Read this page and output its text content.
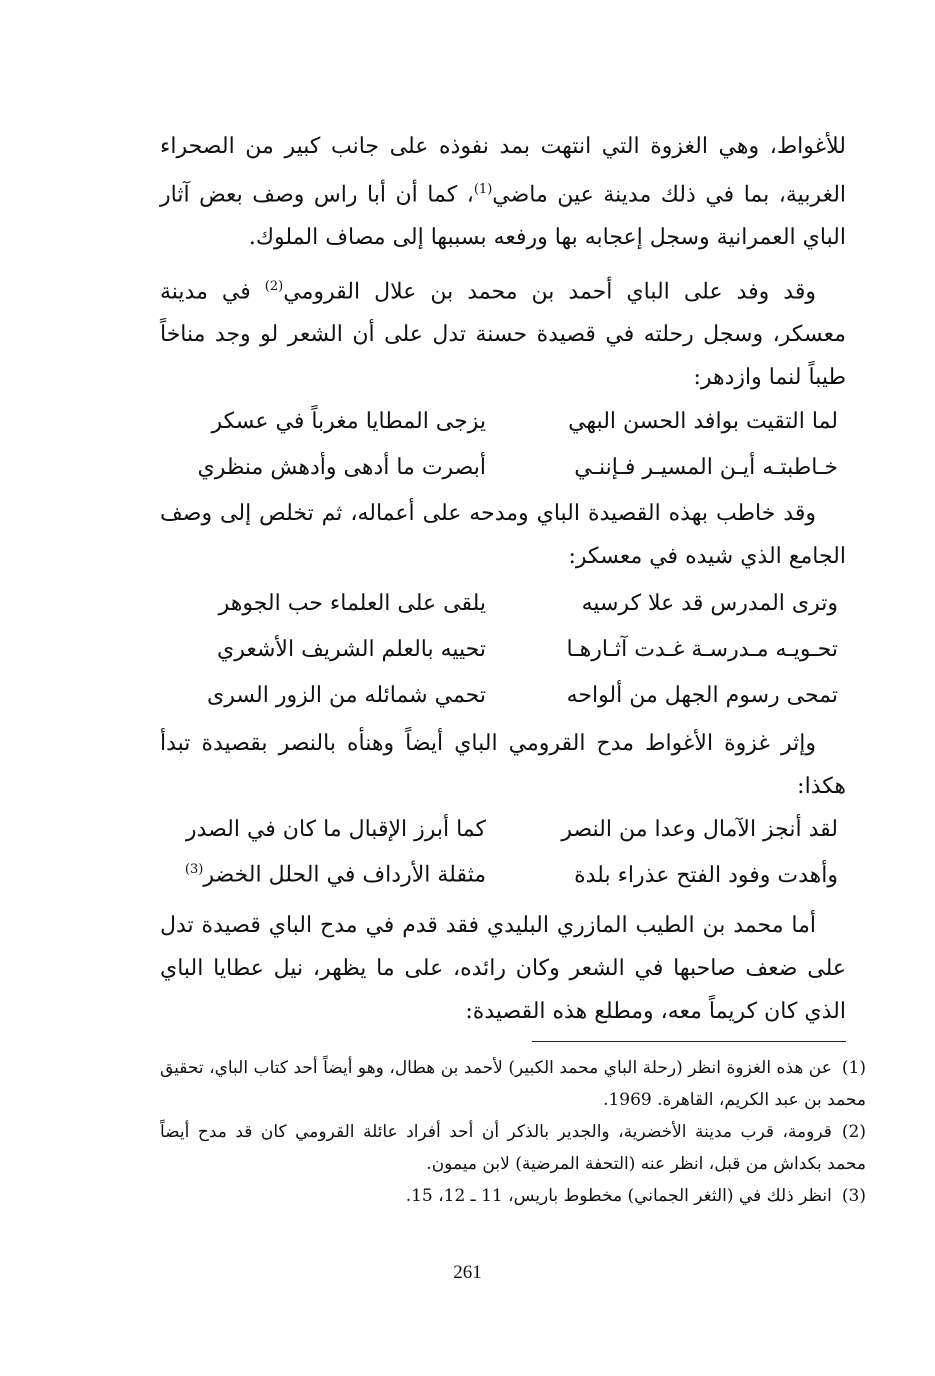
للأغواط، وهي الغزوة التي انتهت بمد نفوذه على جانب كبير من الصحراء الغربية، بما في ذلك مدينة عين ماضي$^{(1)}$، كما أن أبا راس وصف بعض آثار الباي العمرانية وسجل إعجابه بها ورفعه بسببها إلى مصاف الملوك.

وقد وفد على الباي أحمد بن محمد بن علال القرومي$^{(2)}$ في مدينة معسكر، وسجل رحلته في قصيدة حسنة تدل على أن الشعر لو وجد مناخاً طيباً لنما وازدهر:

لما التقيت بوافد الحسن البهي
يزجى المطايا مغرباً في عسكر
خـاطبتـه أيـن المسيـر فـإننـي
أبصرت ما أدهى وأدهش منظري

وقد خاطب بهذه القصيدة الباي ومدحه على أعماله، ثم تخلص إلى وصف الجامع الذي شيده في معسكر:

وترى المدرس قد علا كرسيه
يلقى على العلماء حب الجوهر
تحـويـه مـدرسـة غـدت آثـارهـا
تحييه بالعلم الشريف الأشعري
تمحى رسوم الجهل من ألواحه
تحمي شمائله من الزور السرى

وإثر غزوة الأغواط مدح القرومي الباي أيضاً وهنأه بالنصر بقصيدة تبدأ هكذا:

لقد أنجز الآمال وعدا من النصر
كما أبرز الإقبال ما كان في الصدر
وأهدت وفود الفتح عذراء بلدة
مثقلة الأرداف في الحلل الخضر$^{(3)}$

أما محمد بن الطيب المازري البليدي فقد قدم في مدح الباي قصيدة تدل على ضعف صاحبها في الشعر وكان رائده، على ما يظهر، نيل عطايا الباي الذي كان كريماً معه، ومطلع هذه القصيدة:

(1)عن هذه الغزوة انظر (رحلة الباي محمد الكبير) لأحمد بن هطال، وهو أيضاً أحد كتاب الباي، تحقيق محمد بن عبد الكريم، القاهرة. 1969.

(2)قرومة، قرب مدينة الأخضرية، والجدير بالذكر أن أحد أفراد عائلة القرومي كان قد مدح أيضاً محمد بكداش من قبل، انظر عنه (التحفة المرضية) لابن ميمون.

(3)انظر ذلك في (الثغر الجماني) مخطوط باريس، 11 ـ 12، 15.

261
